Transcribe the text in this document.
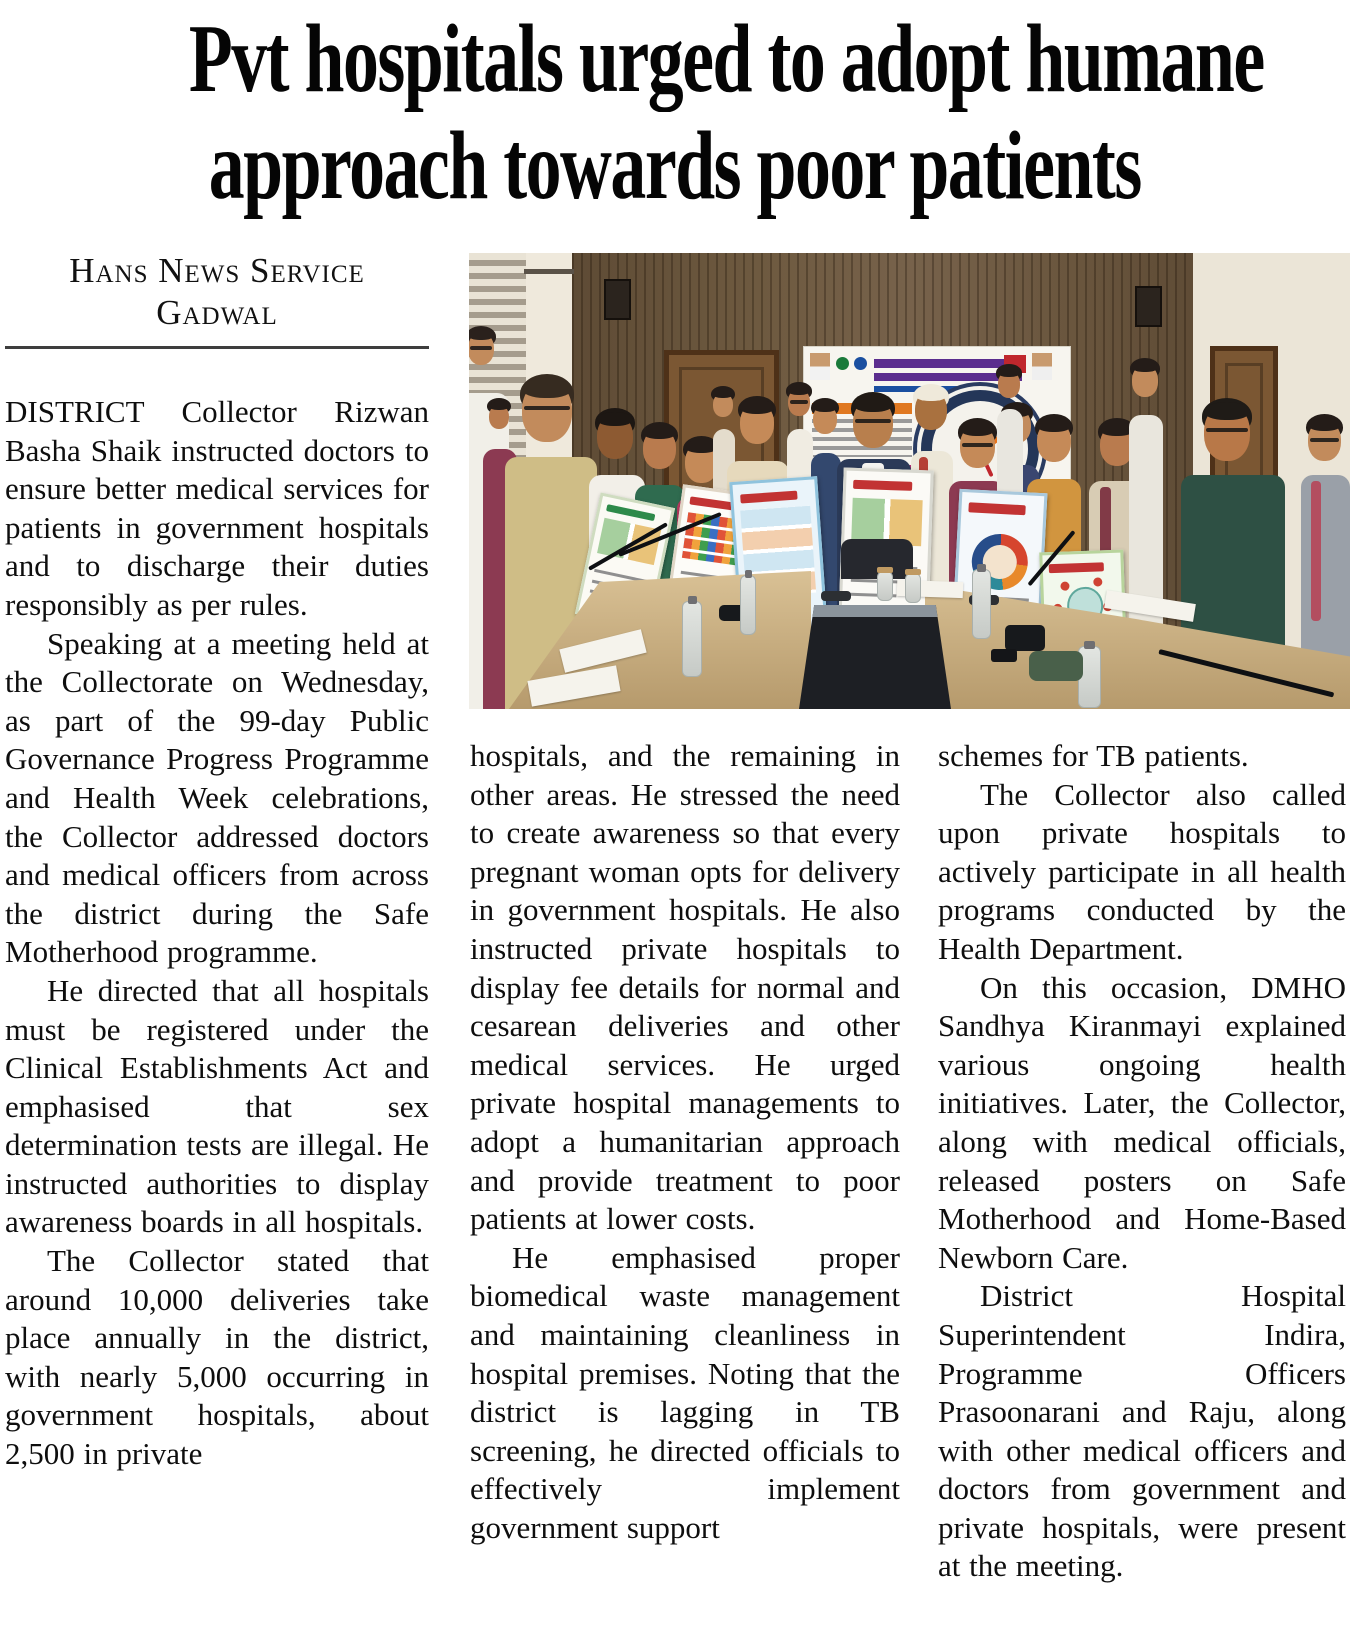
Pvt hospitals urged to adopt humane
approach towards poor patients
Hans News Service
Gadwal

DISTRICT Collector Rizwan Basha Shaik instructed doctors to ensure better medical services for patients in government hospitals and to discharge their duties responsibly as per rules.

Speaking at a meeting held at the Collectorate on Wednesday, as part of the 99-day Public Governance Progress Programme and Health Week celebrations, the Collector addressed doctors and medical officers from across the district during the Safe Motherhood programme.

He directed that all hospitals must be registered under the Clinical Establishments Act and emphasised that sex determination tests are illegal. He instructed authorities to display awareness boards in all hospitals.

The Collector stated that around 10,000 deliveries take place annually in the district, with nearly 5,000 occurring in government hospitals, about 2,500 in private

hospitals, and the remaining in other areas. He stressed the need to create awareness so that every pregnant woman opts for delivery in government hospitals. He also instructed private hospitals to display fee details for normal and cesarean deliveries and other medical services. He urged private hospital managements to adopt a humanitarian approach and provide treatment to poor patients at lower costs.

He emphasised proper biomedical waste management and maintaining cleanliness in hospital premises. Noting that the district is lagging in TB screening, he directed officials to effectively implement government support

schemes for TB patients.

The Collector also called upon private hospitals to actively participate in all health programs conducted by the Health Department.

On this occasion, DMHO Sandhya Kiranmayi explained various ongoing health initiatives. Later, the Collector, along with medical officials, released posters on Safe Motherhood and Home-Based Newborn Care.

District Hospital Superintendent Indira, Programme Officers Prasoonarani and Raju, along with other medical officers and doctors from government and private hospitals, were present at the meeting.
